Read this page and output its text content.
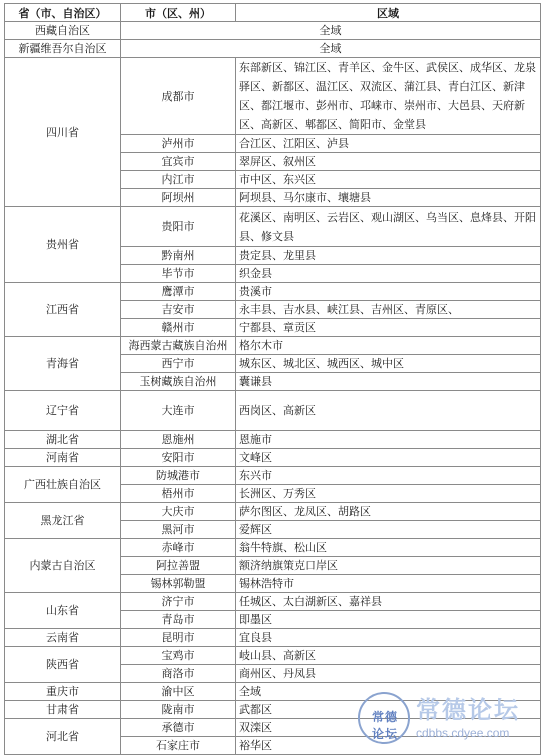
省（市、自治区）	市（区、州）	区域
西藏自治区	全域	
新疆维吾尔自治区	全域	
四川省	成都市	东部新区、锦江区、青羊区、金牛区、武侯区、成华区、龙泉驿区、新都区、温江区、双流区、蒲江县、青白江区、新津区、都江堰市、彭州市、邛崃市、崇州市、大邑县、天府新区、高新区、郫都区、简阳市、金堂县
	泸州市	合江区、江阳区、泸县
	宜宾市	翠屏区、叙州区
	内江市	市中区、东兴区
	阿坝州	阿坝县、马尔康市、壤塘县
贵州省	贵阳市	花溪区、南明区、云岩区、观山湖区、乌当区、息烽县、开阳县、修文县
	黔南州	贵定县、龙里县
	毕节市	织金县
江西省	鹰潭市	贵溪市
	吉安市	永丰县、吉水县、峡江县、吉州区、青原区、
	赣州市	宁都县、章贡区
青海省	海西蒙古藏族自治州	格尔木市
	西宁市	城东区、城北区、城西区、城中区
	玉树藏族自治州	囊谦县
辽宁省	大连市	西岗区、高新区
湖北省	恩施州	恩施市
河南省	安阳市	文峰区
广西壮族自治区	防城港市	东兴市
	梧州市	长洲区、万秀区
黑龙江省	大庆市	萨尔图区、龙凤区、胡路区
	黑河市	爱辉区
内蒙古自治区	赤峰市	翁牛特旗、松山区
	阿拉善盟	额济纳旗策克口岸区
	锡林郭勒盟	锡林浩特市
山东省	济宁市	任城区、太白湖新区、嘉祥县
	青岛市	即墨区
云南省	昆明市	宜良县
陕西省	宝鸡市	岐山县、高新区
	商洛市	商州区、丹凤县
重庆市	渝中区	全域
甘肃省	陇南市	武都区
河北省	承德市	双滦区
	石家庄市	裕华区
常德论坛
常德论坛
cdbbs.cdyee.com
